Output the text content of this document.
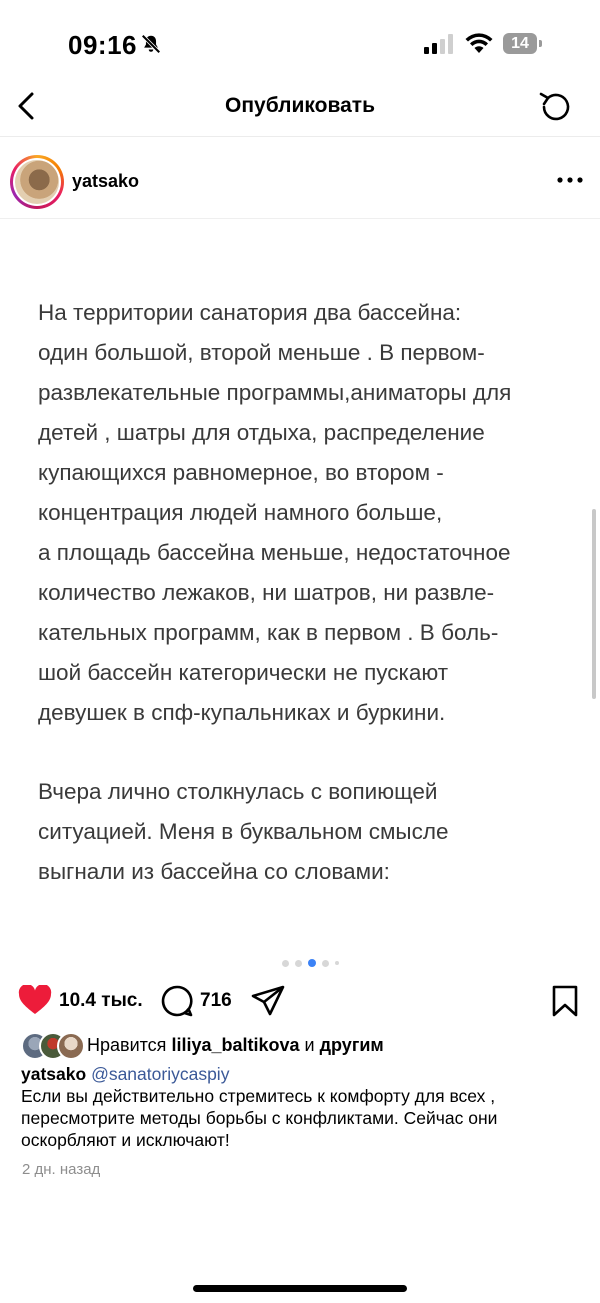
09:16	14
Опубликовать
yatsako

На территории санатория два бассейна:
один большой, второй меньше . В первом-
развлекательные программы,аниматоры для
детей , шатры для отдыха, распределение
купающихся равномерное, во втором -
концентрация людей намного больше,
а площадь бассейна меньше, недостаточное
количество лежаков, ни шатров, ни развле-
кательных программ, как в первом . В боль-
шой бассейн категорически не пускают
девушек в спф-купальниках и буркини.

Вчера лично столкнулась с вопиющей
ситуацией. Меня в буквальном смысле
выгнали из бассейна со словами:

10.4 тыс.	716
Нравится liliya_baltikova и другим
yatsako @sanatoriycaspiy
Если вы действительно стремитесь к комфорту для всех , пересмотрите методы борьбы с конфликтами. Сейчас они оскорбляют и исключают!
2 дн. назад
